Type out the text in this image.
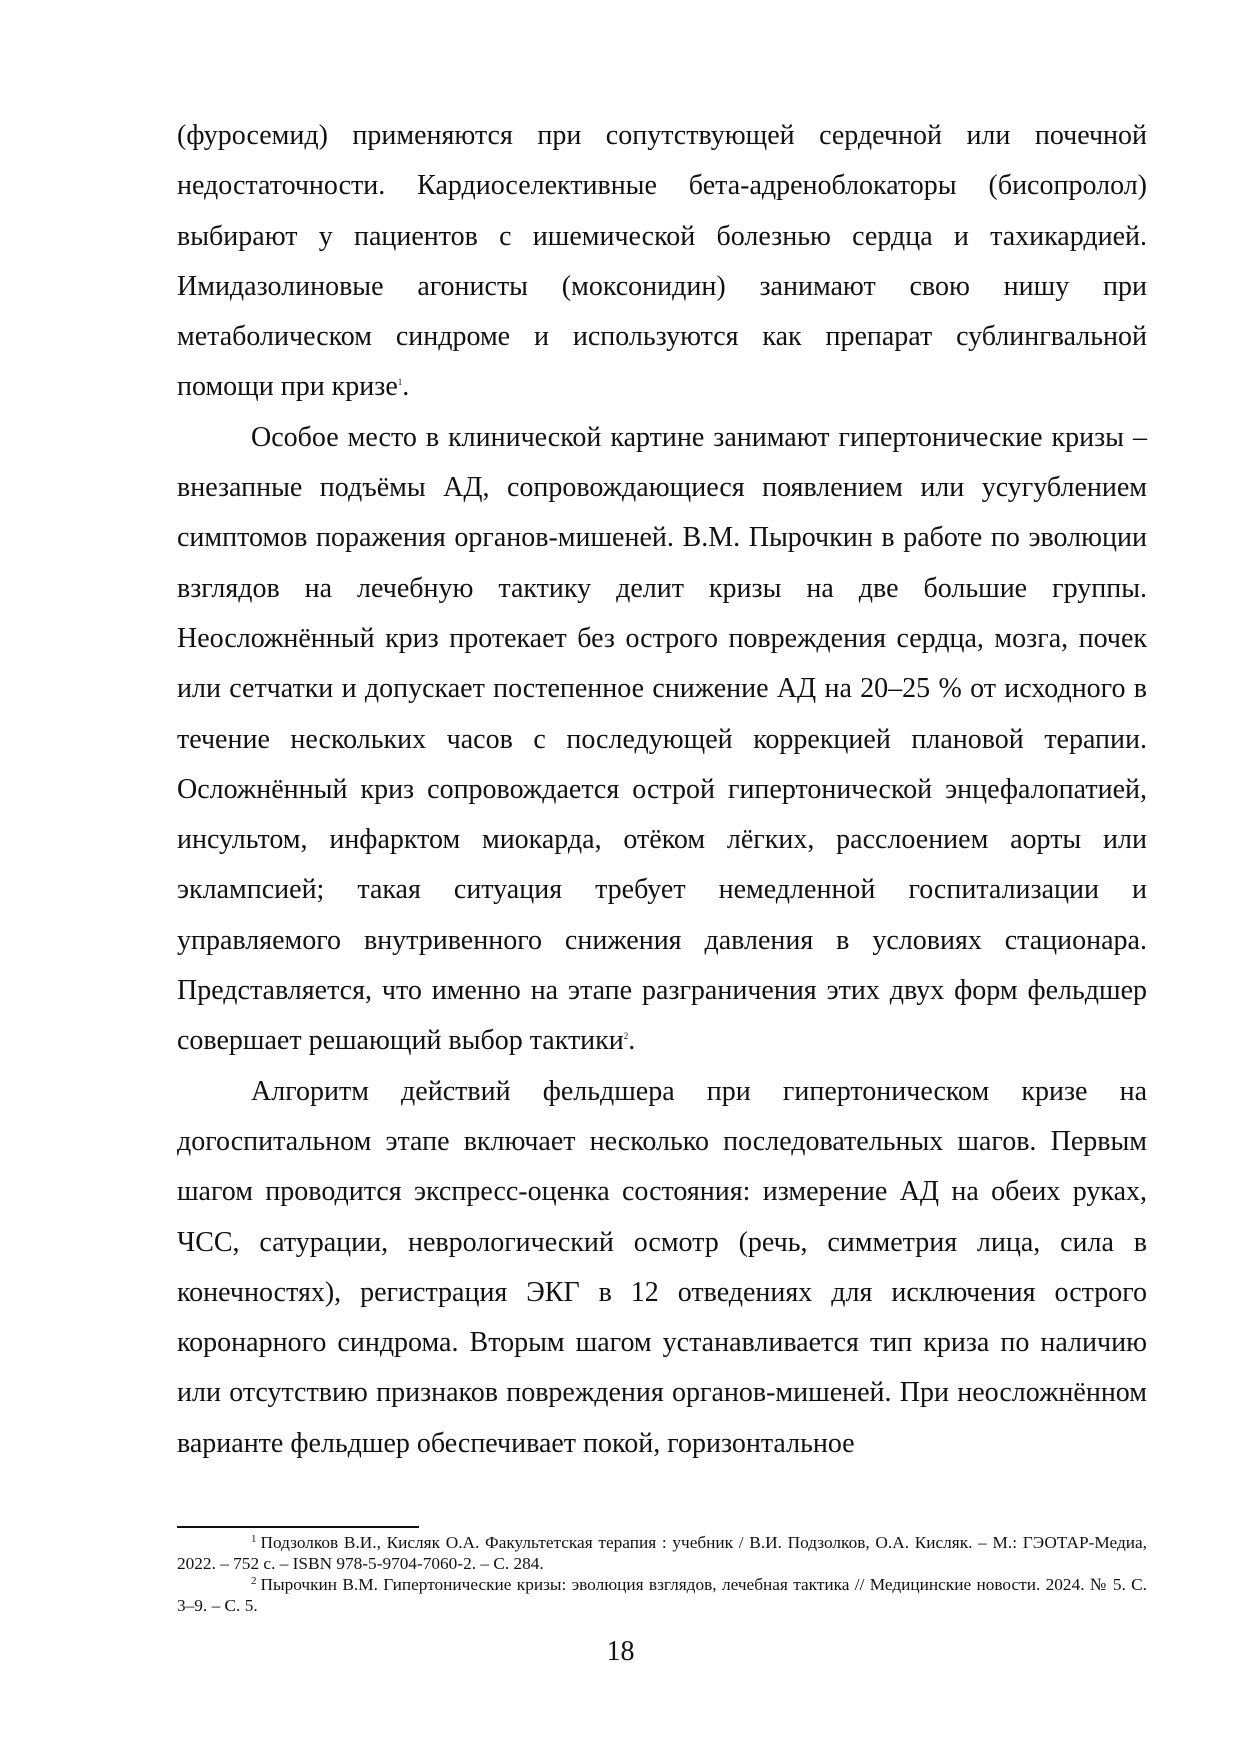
(фуросемид) применяются при сопутствующей сердечной или почечной недостаточности. Кардиоселективные бета-адреноблокаторы (бисопролол) выбирают у пациентов с ишемической болезнью сердца и тахикардией. Имидазолиновые агонисты (моксонидин) занимают свою нишу при метаболическом синдроме и используются как препарат сублингвальной помощи при кризе$^1$.

Особое место в клинической картине занимают гипертонические кризы – внезапные подъёмы АД, сопровождающиеся появлением или усугублением симптомов поражения органов-мишеней. В.М. Пырочкин в работе по эволюции взглядов на лечебную тактику делит кризы на две большие группы. Неосложнённый криз протекает без острого повреждения сердца, мозга, почек или сетчатки и допускает постепенное снижение АД на 20–25 % от исходного в течение нескольких часов с последующей коррекцией плановой терапии. Осложнённый криз сопровождается острой гипертонической энцефалопатией, инсультом, инфарктом миокарда, отёком лёгких, расслоением аорты или эклампсией; такая ситуация требует немедленной госпитализации и управляемого внутривенного снижения давления в условиях стационара. Представляется, что именно на этапе разграничения этих двух форм фельдшер совершает решающий выбор тактики$^2$.

Алгоритм действий фельдшера при гипертоническом кризе на догоспитальном этапе включает несколько последовательных шагов. Первым шагом проводится экспресс-оценка состояния: измерение АД на обеих руках, ЧСС, сатурации, неврологический осмотр (речь, симметрия лица, сила в конечностях), регистрация ЭКГ в 12 отведениях для исключения острого коронарного синдрома. Вторым шагом устанавливается тип криза по наличию или отсутствию признаков повреждения органов-мишеней. При неосложнённом варианте фельдшер обеспечивает покой, горизонтальное

$^1$ Подзолков В.И., Кисляк О.А. Факультетская терапия : учебник / В.И. Подзолков, О.А. Кисляк. – М.: ГЭОТАР-Медиа, 2022. – 752 с. – ISBN 978-5-9704-7060-2. – С. 284.

$^2$ Пырочкин В.М. Гипертонические кризы: эволюция взглядов, лечебная тактика // Медицинские новости. 2024. № 5. С. 3–9. – С. 5.

18
